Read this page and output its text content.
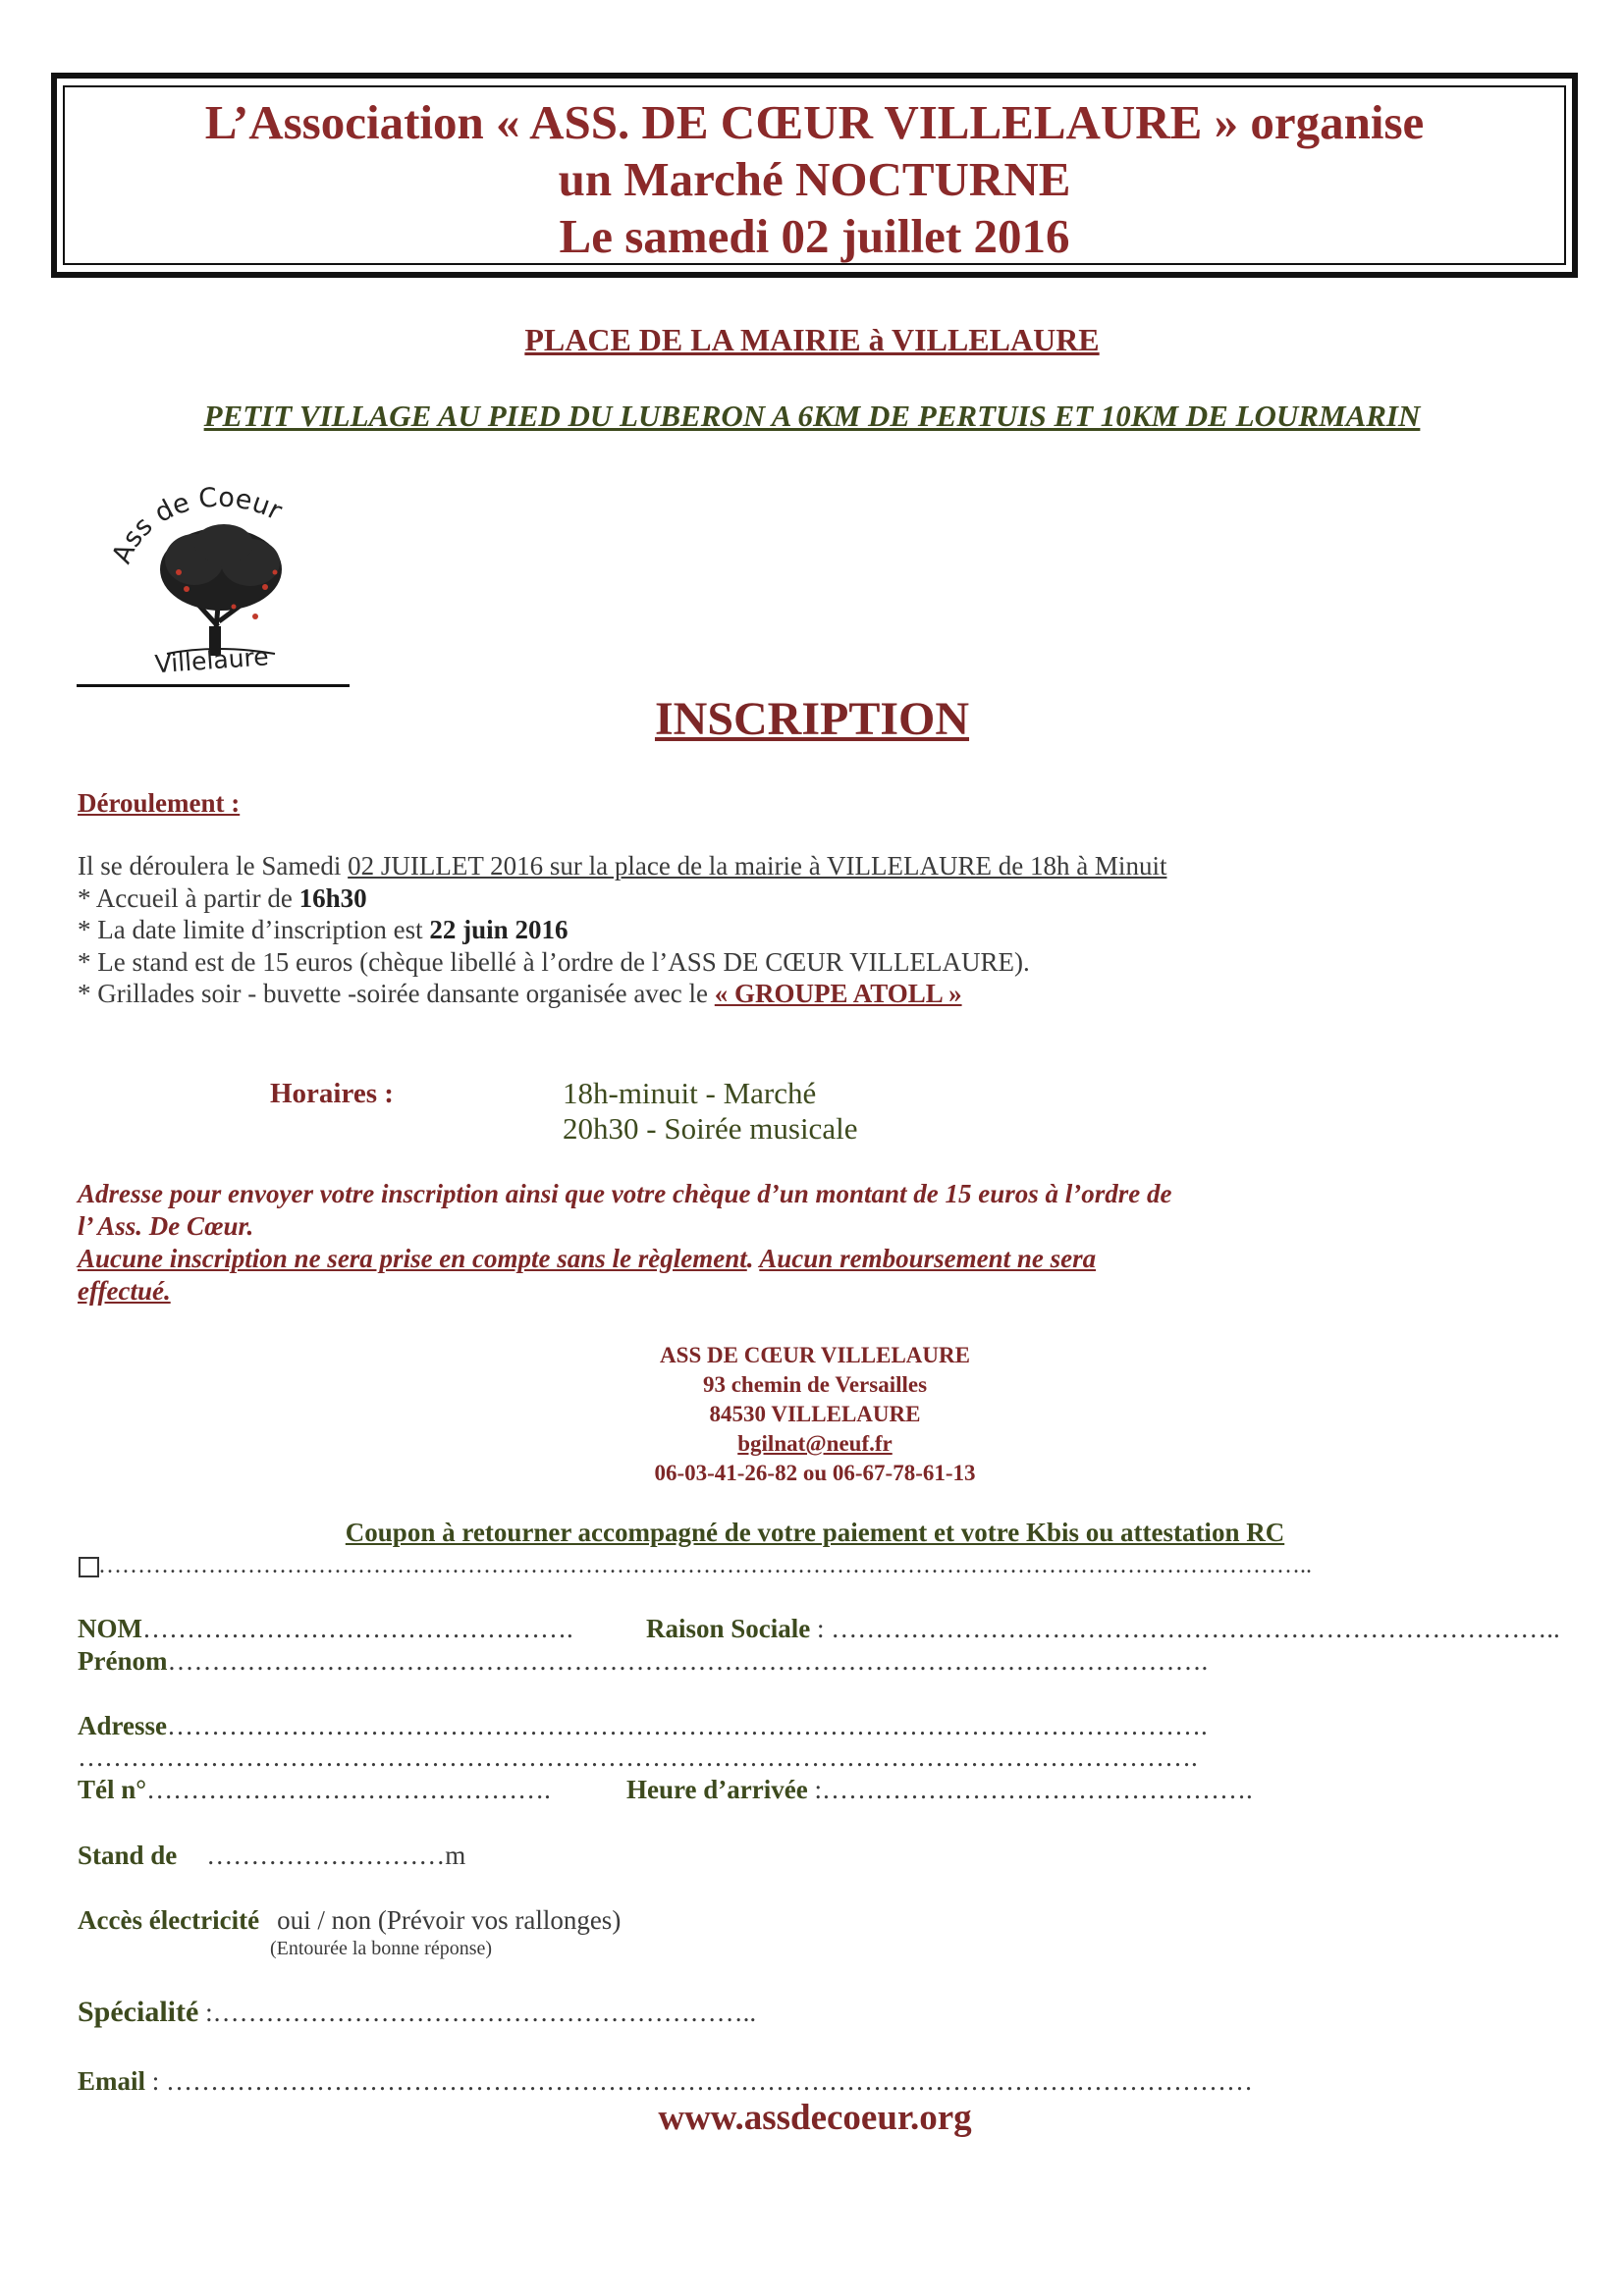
L’Association « ASS. DE CŒUR VILLELAURE » organise
un Marché NOCTURNE
Le samedi 02 juillet 2016
PLACE DE LA MAIRIE à VILLELAURE
PETIT VILLAGE AU PIED DU LUBERON A 6KM DE PERTUIS ET 10KM DE LOURMARIN
Ass de Coeur
Villelaure
INSCRIPTION
Déroulement :
Il se déroulera le Samedi 02 JUILLET 2016 sur la place de la mairie à VILLELAURE de 18h à Minuit
* Accueil à partir de 16h30
* La date limite d’inscription est 22 juin 2016
* Le stand est de 15 euros (chèque libellé à l’ordre de l’ASS DE CŒUR VILLELAURE).
* Grillades soir - buvette -soirée dansante organisée avec le « GROUPE ATOLL »
Horaires :	18h-minuit - Marché
20h30 - Soirée musicale
Adresse pour envoyer votre inscription ainsi que votre chèque d’un montant de 15 euros à l’ordre de
l’ Ass. De Cœur.
Aucune inscription ne sera prise en compte sans le règlement. Aucun remboursement ne sera
effectué.
ASS DE CŒUR VILLELAURE
93 chemin de Versailles
84530 VILLELAURE
bgilnat@neuf.fr
06-03-41-26-82 ou 06-67-78-61-13
Coupon à retourner accompagné de votre paiement et votre Kbis ou attestation RC
………………………………………………………………………………………………………………………………………..
NOM………………………………………….	Raison Sociale : ………………………………………………………………………..
Prénom……………………………………………………………………………………………………….
Adresse……………………………………………………………………………………………………….
……………………………………………………………………………………………………………….
Tél n°……………………………………….	Heure d’arrivée :………………………………………….
Stand de ………………………m
Accès électricité oui / non (Prévoir vos rallonges)
(Entourée la bonne réponse)
Spécialité :……………………………………………………..
Email : ……………………………………………………………………………………………………………
www.assdecoeur.org
